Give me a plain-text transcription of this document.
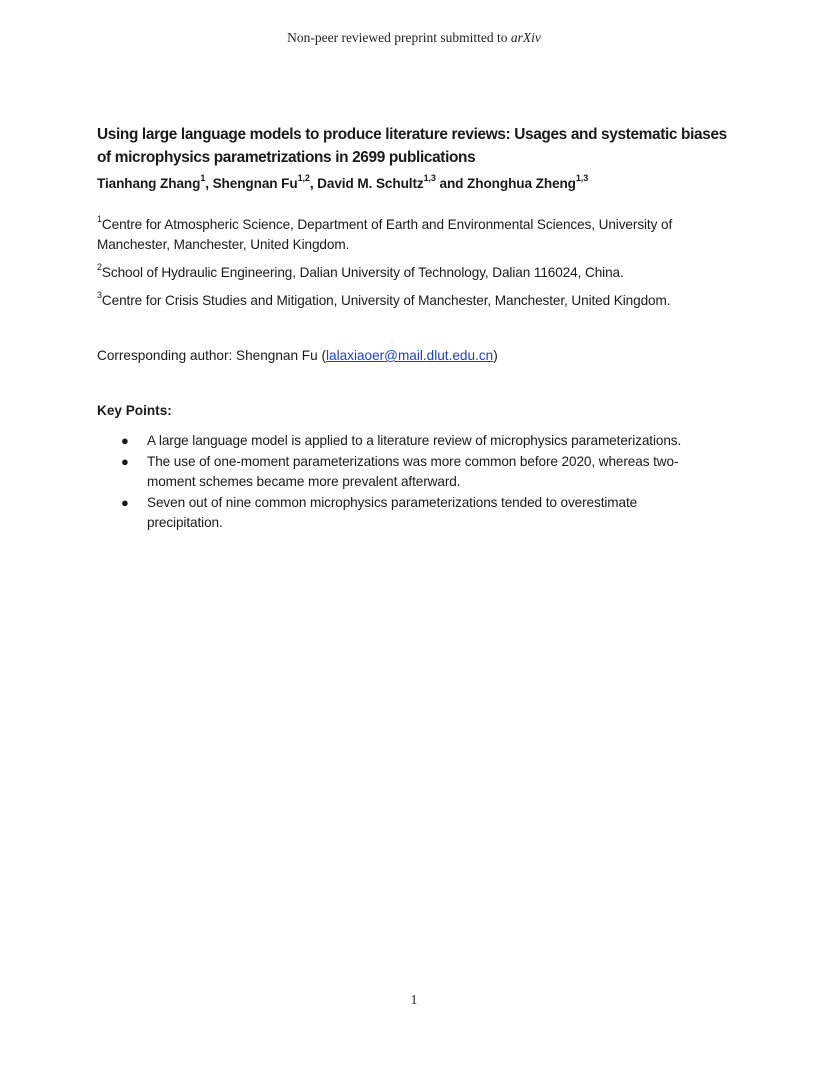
Non-peer reviewed preprint submitted to arXiv
Using large language models to produce literature reviews: Usages and systematic biases
of microphysics parametrizations in 2699 publications
Tianhang Zhang$^1$, Shengnan Fu$^{1,2}$, David M. Schultz$^{1,3}$ and Zhonghua Zheng$^{1,3}$
$^1$Centre for Atmospheric Science, Department of Earth and Environmental Sciences, University of Manchester, Manchester, United Kingdom.
$^2$School of Hydraulic Engineering, Dalian University of Technology, Dalian 116024, China.
$^3$Centre for Crisis Studies and Mitigation, University of Manchester, Manchester, United Kingdom.
Corresponding author: Shengnan Fu (lalaxiaoer@mail.dlut.edu.cn)
Key Points:
● A large language model is applied to a literature review of microphysics parameterizations.
● The use of one-moment parameterizations was more common before 2020, whereas two-moment schemes became more prevalent afterward.
● Seven out of nine common microphysics parameterizations tended to overestimate precipitation.
1
